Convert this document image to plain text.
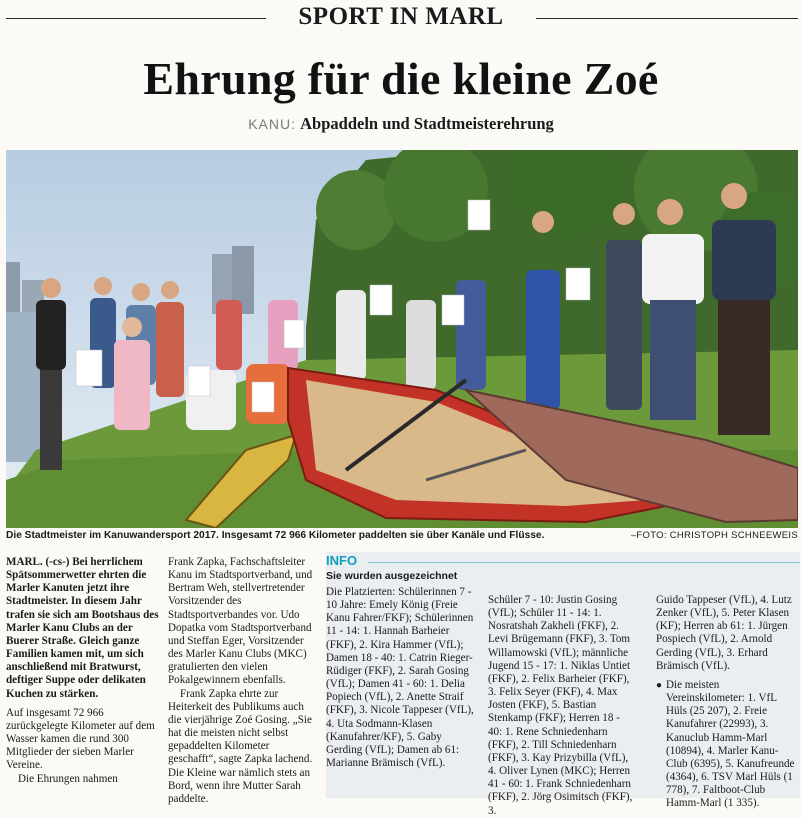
SPORT IN MARL
Ehrung für die kleine Zoé
KANU: Abpaddeln und Stadtmeisterehrung
Die Stadtmeister im Kanuwandersport 2017. Insgesamt 72 966 Kilometer paddelten sie über Kanäle und Flüsse.	–FOTO: CHRISTOPH SCHNEEWEIS

MARL. (-cs-) Bei herrlichem Spätsommerwetter ehrten die Marler Kanuten jetzt ihre Stadtmeister. In diesem Jahr trafen sie sich am Bootshaus des Marler Kanu Clubs an der Buerer Straße. Gleich ganze Familien kamen mit, um sich anschließend mit Bratwurst, deftiger Suppe oder delikaten Kuchen zu stärken.

Auf insgesamt 72 966 zurückgelegte Kilometer auf dem Wasser kamen die rund 300 Mitglieder der sieben Marler Vereine.

Die Ehrungen nahmen

Frank Zapka, Fachschaftsleiter Kanu im Stadtsportverband, und Bertram Weh, stellvertretender Vorsitzender des Stadtsportverbandes vor. Udo Dopatka vom Stadtsportverband und Steffan Eger, Vorsitzender des Marler Kanu Clubs (MKC) gratulierten den vielen Pokalgewinnern ebenfalls.

Frank Zapka ehrte zur Heiterkeit des Publikums auch die vierjährige Zoé Gosing. „Sie hat die meisten nicht selbst gepaddelten Kilometer geschafft“, sagte Zapka lachend. Die Kleine war nämlich stets an Bord, wenn ihre Mutter Sarah paddelte.

INFO
Sie wurden ausgezeichnet
Die Platzierten: Schülerinnen 7 - 10 Jahre: Emely König (Freie Kanu Fahrer/FKF); Schülerinnen 11 - 14: 1. Hannah Barheier (FKF), 2. Kira Hammer (VfL); Damen 18 - 40: 1. Catrin Rieger-Rüdiger (FKF), 2. Sarah Gosing (VfL); Damen 41 - 60: 1. Delia Popiech (VfL), 2. Anette Straif (FKF), 3. Nicole Tappeser (VfL), 4. Uta Sodmann-Klasen (Kanufahrer/KF), 5. Gaby Gerding (VfL); Damen ab 61: Marianne Brämisch (VfL).
Schüler 7 - 10: Justin Gosing (VfL); Schüler 11 - 14: 1. Nosratshah Zakheli (FKF), 2. Levi Brügemann (FKF), 3. Tom Willamowski (VfL); männliche Jugend 15 - 17: 1. Niklas Untiet (FKF), 2. Felix Barheier (FKF), 3. Felix Seyer (FKF), 4. Max Josten (FKF), 5. Bastian Stenkamp (FKF); Herren 18 - 40: 1. Rene Schniedenharn (FKF), 2. Till Schniedenharn (FKF), 3. Kay Prizybilla (VfL), 4. Oliver Lynen (MKC); Herren 41 - 60: 1. Frank Schniedenharn (FKF), 2. Jörg Osimitsch (FKF), 3.
Guido Tappeser (VfL), 4. Lutz Zenker (VfL), 5. Peter Klasen (KF); Herren ab 61: 1. Jürgen Pospiech (VfL), 2. Arnold Gerding (VfL), 3. Erhard Brämisch (VfL).
● Die meisten Vereinskilometer: 1. VfL Hüls (25 207), 2. Freie Kanufahrer (22993), 3. Kanuclub Hamm-Marl (10894), 4. Marler Kanu-Club (6395), 5. Kanufreunde (4364), 6. TSV Marl Hüls (1 778), 7. Faltboot-Club Hamm-Marl (1 335).
